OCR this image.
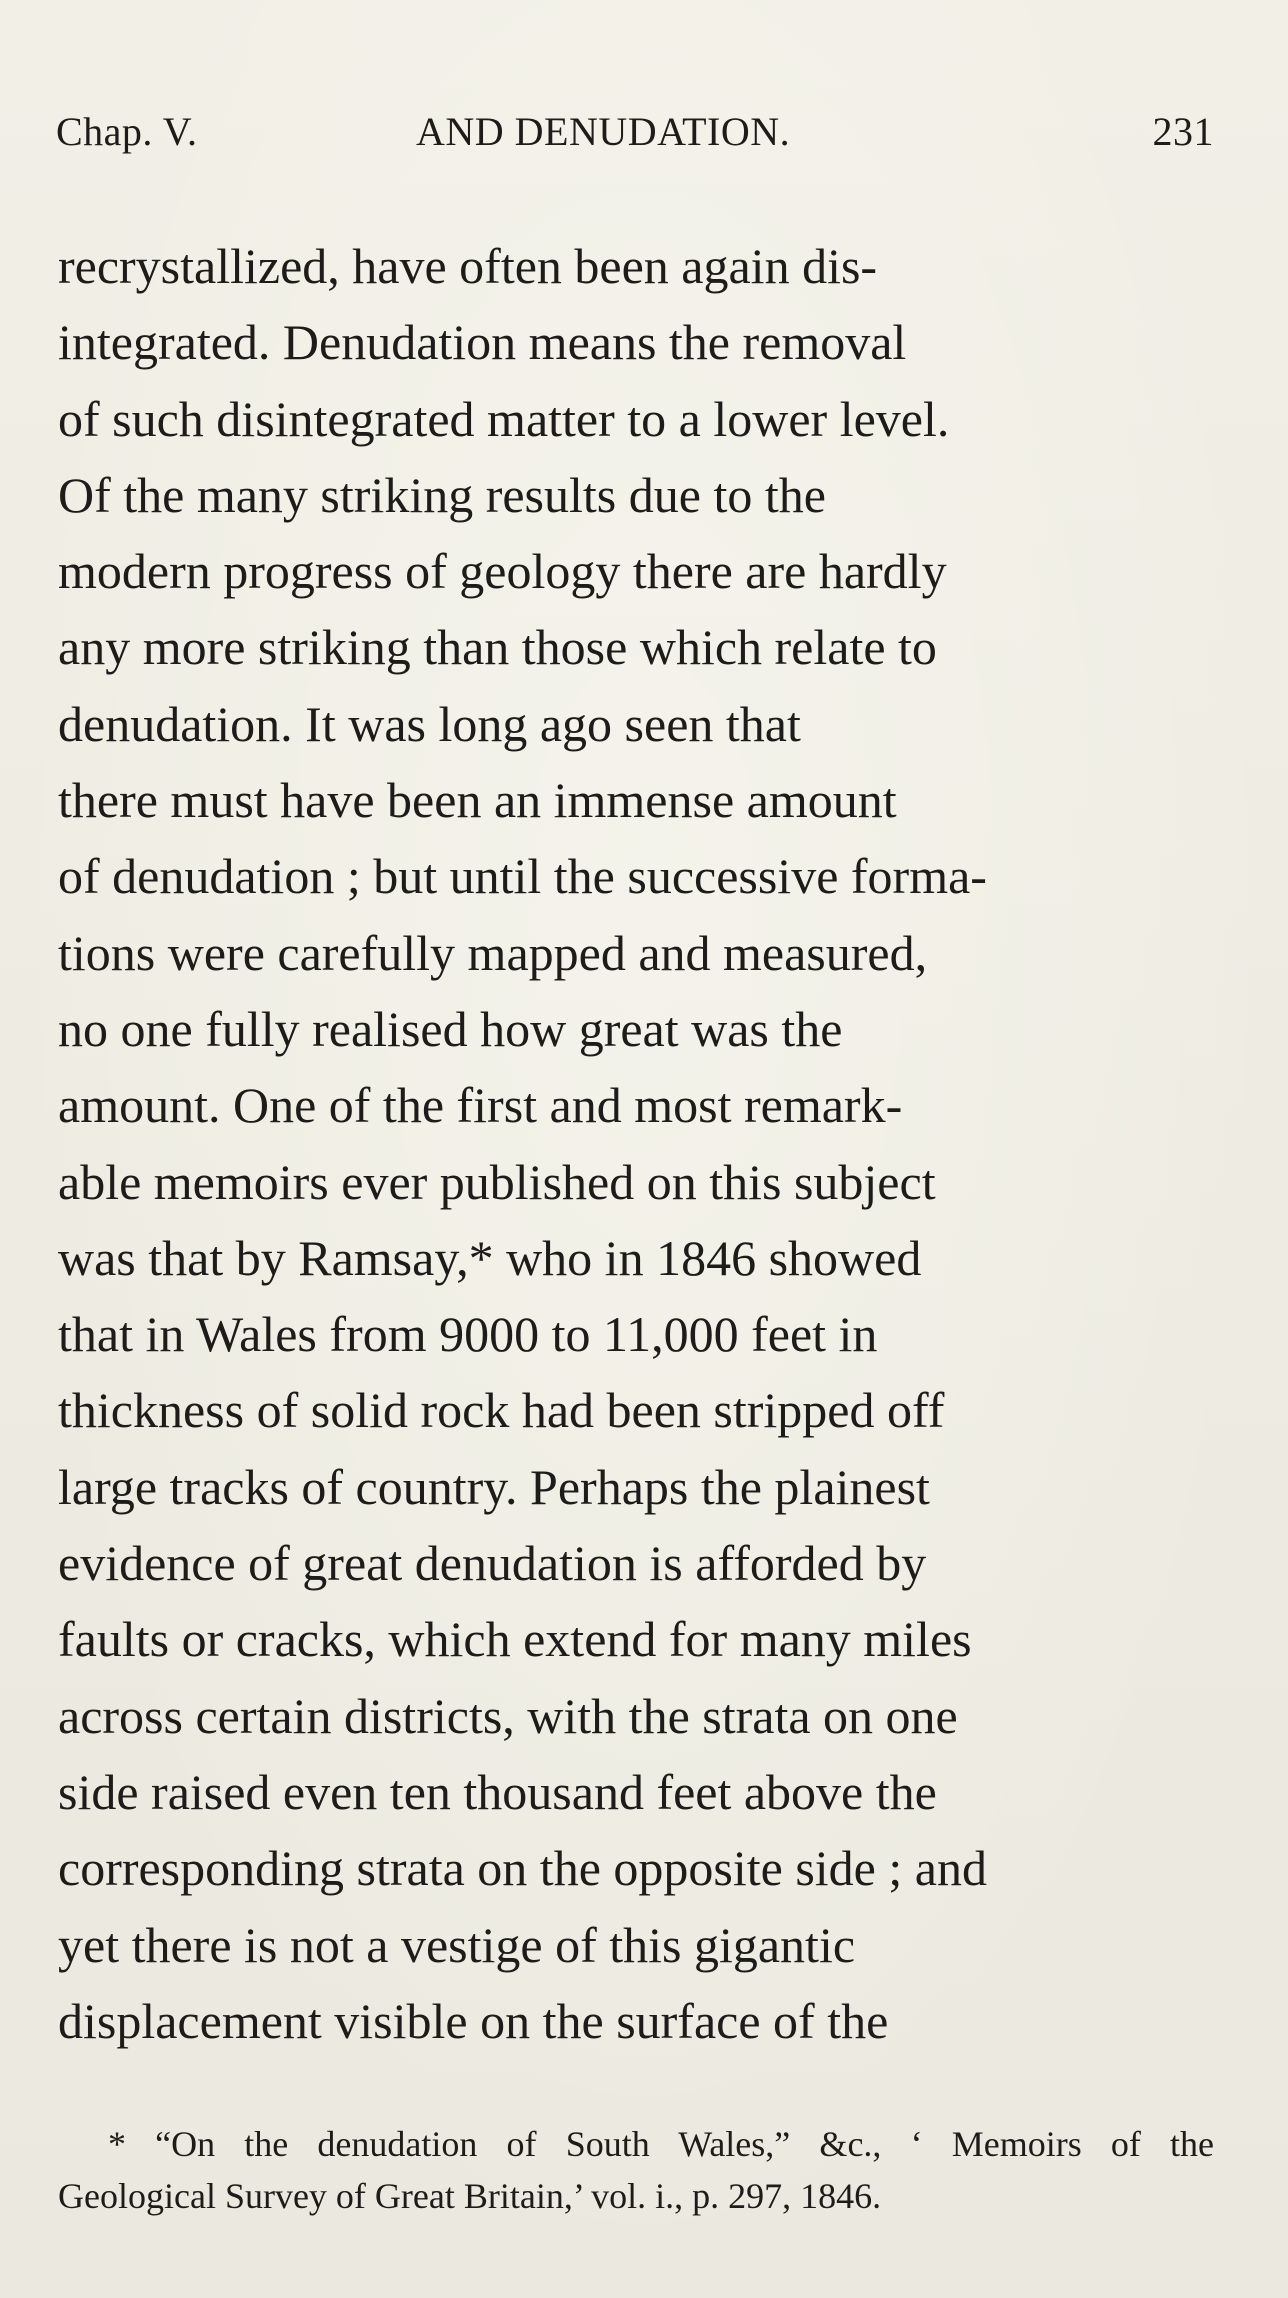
Chap. V.	AND DENUDATION.	231
recrystallized, have often been again dis-
integrated. Denudation means the removal
of such disintegrated matter to a lower level.
Of the many striking results due to the
modern progress of geology there are hardly
any more striking than those which relate to
denudation. It was long ago seen that
there must have been an immense amount
of denudation ; but until the successive forma-
tions were carefully mapped and measured,
no one fully realised how great was the
amount. One of the first and most remark-
able memoirs ever published on this subject
was that by Ramsay,* who in 1846 showed
that in Wales from 9000 to 11,000 feet in
thickness of solid rock had been stripped off
large tracks of country. Perhaps the plainest
evidence of great denudation is afforded by
faults or cracks, which extend for many miles
across certain districts, with the strata on one
side raised even ten thousand feet above the
corresponding strata on the opposite side ; and
yet there is not a vestige of this gigantic
displacement visible on the surface of the
* “On the denudation of South Wales,” &c., ‘ Memoirs of the
Geological Survey of Great Britain,’ vol. i., p. 297, 1846.
